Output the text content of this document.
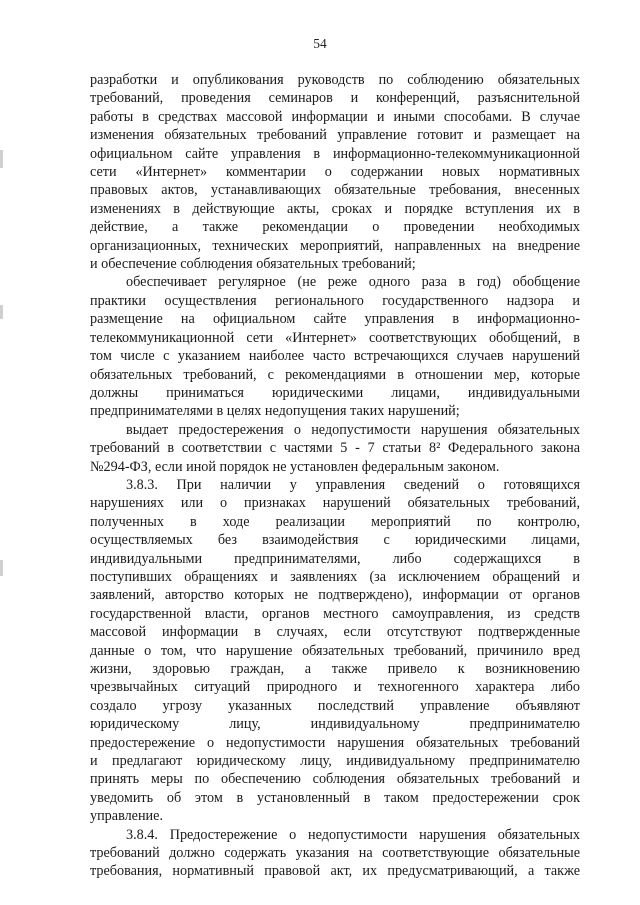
54

разработки и опубликования руководств по соблюдению обязательных

требований, проведения семинаров и конференций, разъяснительной

работы в средствах массовой информации и иными способами. В случае

изменения обязательных требований управление готовит и размещает на

официальном сайте управления в информационно-телекоммуникационной

сети «Интернет» комментарии о содержании новых нормативных

правовых актов, устанавливающих обязательные требования, внесенных

изменениях в действующие акты, сроках и порядке вступления их в

действие, а также рекомендации о проведении необходимых

организационных, технических мероприятий, направленных на внедрение

и обеспечение соблюдения обязательных требований;

обеспечивает регулярное (не реже одного раза в год) обобщение

практики осуществления регионального государственного надзора и

размещение на официальном сайте управления в информационно-

телекоммуникационной сети «Интернет» соответствующих обобщений, в

том числе с указанием наиболее часто встречающихся случаев нарушений

обязательных требований, с рекомендациями в отношении мер, которые

должны приниматься юридическими лицами, индивидуальными

предпринимателями в целях недопущения таких нарушений;

выдает предостережения о недопустимости нарушения обязательных

требований в соответствии с частями 5 - 7 статьи 8² Федерального закона

№294-ФЗ, если иной порядок не установлен федеральным законом.

3.8.3. При наличии у управления сведений о готовящихся

нарушениях или о признаках нарушений обязательных требований,

полученных в ходе реализации мероприятий по контролю,

осуществляемых без взаимодействия с юридическими лицами,

индивидуальными предпринимателями, либо содержащихся в

поступивших обращениях и заявлениях (за исключением обращений и

заявлений, авторство которых не подтверждено), информации от органов

государственной власти, органов местного самоуправления, из средств

массовой информации в случаях, если отсутствуют подтвержденные

данные о том, что нарушение обязательных требований, причинило вред

жизни, здоровью граждан, а также привело к возникновению

чрезвычайных ситуаций природного и техногенного характера либо

создало угрозу указанных последствий управление объявляют

юридическому лицу, индивидуальному предпринимателю

предостережение о недопустимости нарушения обязательных требований

и предлагают юридическому лицу, индивидуальному предпринимателю

принять меры по обеспечению соблюдения обязательных требований и

уведомить об этом в установленный в таком предостережении срок

управление.

3.8.4. Предостережение о недопустимости нарушения обязательных

требований должно содержать указания на соответствующие обязательные

требования, нормативный правовой акт, их предусматривающий, а также
